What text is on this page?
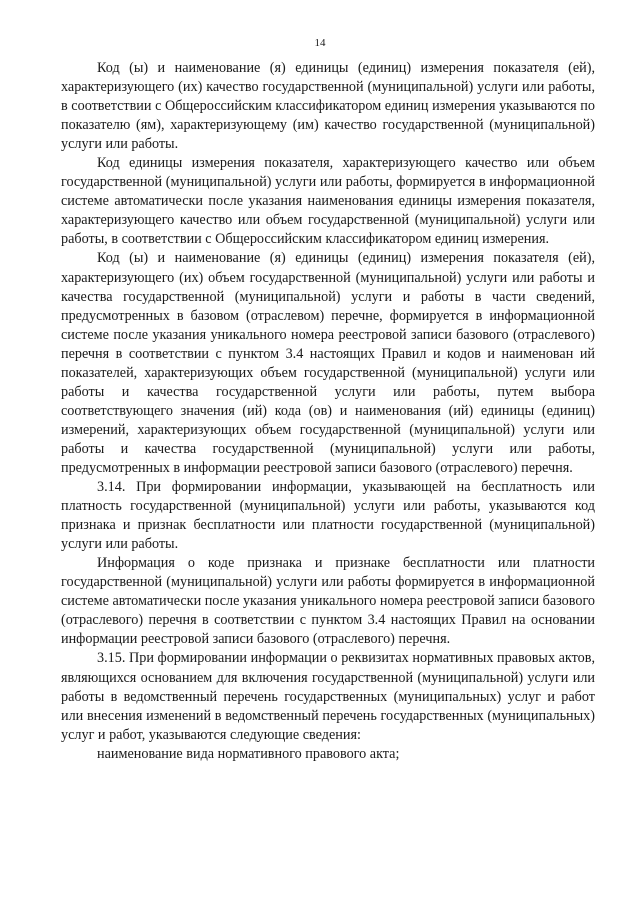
14

Код (ы) и наименование (я) единицы (единиц) измерения показателя (ей), характеризующего (их) качество государственной (муниципальной) услуги или работы, в соответствии с Общероссийским классификатором единиц измерения указываются по показателю (ям), характеризующему (им) качество государственной (муниципальной) услуги или работы.

Код единицы измерения показателя, характеризующего качество или объем государственной (муниципальной) услуги или работы, формируется в информационной системе автоматически после указания наименования единицы измерения показателя, характеризующего качество или объем государственной (муниципальной) услуги или работы, в соответствии с Общероссийским классификатором единиц измерения.

Код (ы) и наименование (я) единицы (единиц) измерения показателя (ей), характеризующего (их) объем государственной (муниципальной) услуги или работы и качества государственной (муниципальной) услуги и работы в части сведений, предусмотренных в базовом (отраслевом) перечне, формируется в информационной системе после указания уникального номера реестровой записи базового (отраслевого) перечня в соответствии с пунктом 3.4 настоящих Правил и кодов и наименован ий показателей, характеризующих объем государственной (муниципальной) услуги или работы и качества государственной услуги или работы, путем выбора соответствующего значения (ий) кода (ов) и наименования (ий) единицы (единиц) измерений, характеризующих объем государственной (муниципальной) услуги или работы и качества государственной (муниципальной) услуги или работы, предусмотренных в информации реестровой записи базового (отраслевого) перечня.

3.14. При формировании информации, указывающей на бесплатность или платность государственной (муниципальной) услуги или работы, указываются код признака и признак бесплатности или платности государственной (муниципальной) услуги или работы.

Информация о коде признака и признаке бесплатности или платности государственной (муниципальной) услуги или работы формируется в информационной системе автоматически после указания уникального номера реестровой записи базового (отраслевого) перечня в соответствии с пунктом 3.4 настоящих Правил на основании информации реестровой записи базового (отраслевого) перечня.

3.15. При формировании информации о реквизитах нормативных правовых актов, являющихся основанием для включения государственной (муниципальной) услуги или работы в ведомственный перечень государственных (муниципальных) услуг и работ или внесения изменений в ведомственный перечень государственных (муниципальных) услуг и работ, указываются следующие сведения:

наименование вида нормативного правового акта;
